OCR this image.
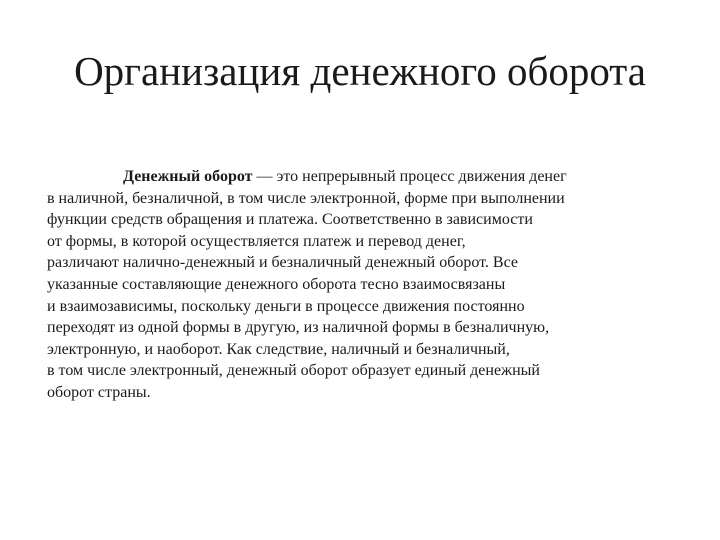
Организация денежного оборота
Денежный оборот — это непрерывный процесс движения денег
в наличной, безналичной, в том числе электронной, форме при выполнении
функции средств обращения и платежа. Соответственно в зависимости
от формы, в которой осуществляется платеж и перевод денег,
различают налично-денежный и безналичный денежный оборот. Все
указанные составляющие денежного оборота тесно взаимосвязаны
и взаимозависимы, поскольку деньги в процессе движения постоянно
переходят из одной формы в другую, из наличной формы в безналичную,
электронную, и наоборот. Как следствие, наличный и безналичный,
в том числе электронный, денежный оборот образует единый денежный
оборот страны.
